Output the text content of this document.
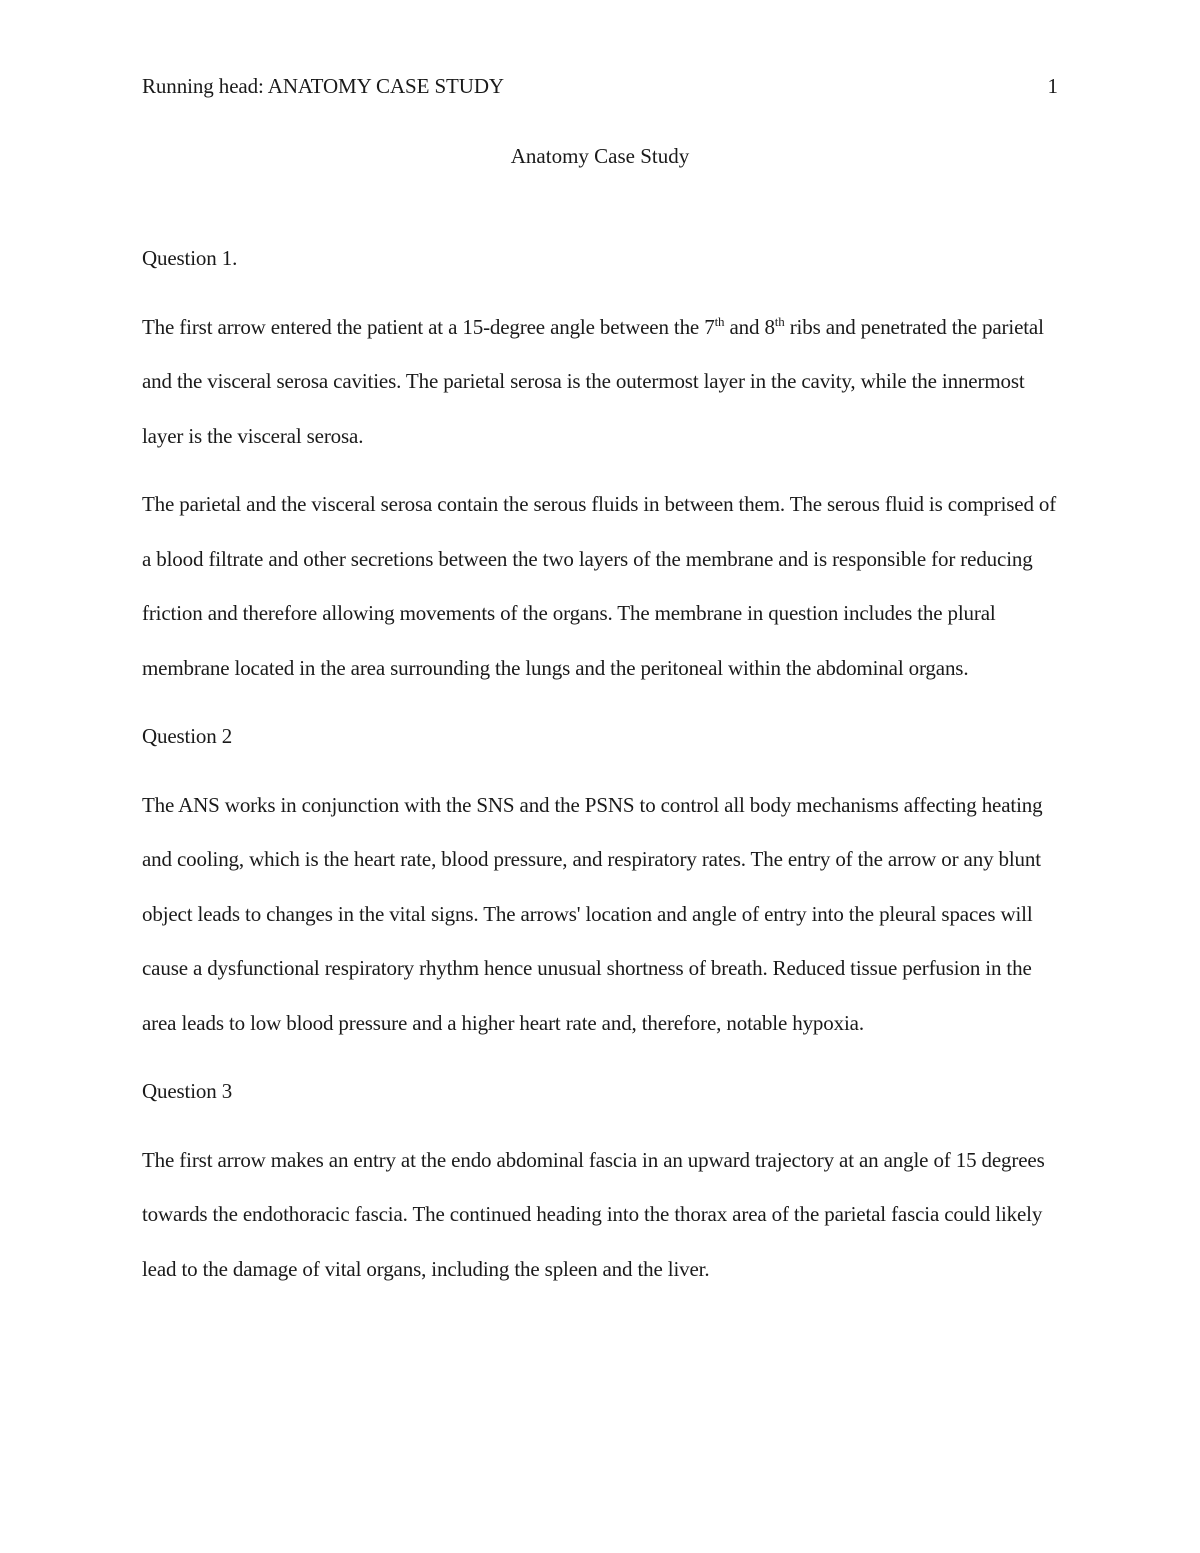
Running head: ANATOMY CASE STUDY	1
Anatomy Case Study
Question 1.
The first arrow entered the patient at a 15-degree angle between the 7th and 8th ribs and penetrated the parietal and the visceral serosa cavities. The parietal serosa is the outermost layer in the cavity, while the innermost layer is the visceral serosa.
The parietal and the visceral serosa contain the serous fluids in between them. The serous fluid is comprised of a blood filtrate and other secretions between the two layers of the membrane and is responsible for reducing friction and therefore allowing movements of the organs. The membrane in question includes the plural membrane located in the area surrounding the lungs and the peritoneal within the abdominal organs.
Question 2
The ANS works in conjunction with the SNS and the PSNS to control all body mechanisms affecting heating and cooling, which is the heart rate, blood pressure, and respiratory rates. The entry of the arrow or any blunt object leads to changes in the vital signs. The arrows' location and angle of entry into the pleural spaces will cause a dysfunctional respiratory rhythm hence unusual shortness of breath. Reduced tissue perfusion in the area leads to low blood pressure and a higher heart rate and, therefore, notable hypoxia.
Question 3
The first arrow makes an entry at the endo abdominal fascia in an upward trajectory at an angle of 15 degrees towards the endothoracic fascia. The continued heading into the thorax area of the parietal fascia could likely lead to the damage of vital organs, including the spleen and the liver.
